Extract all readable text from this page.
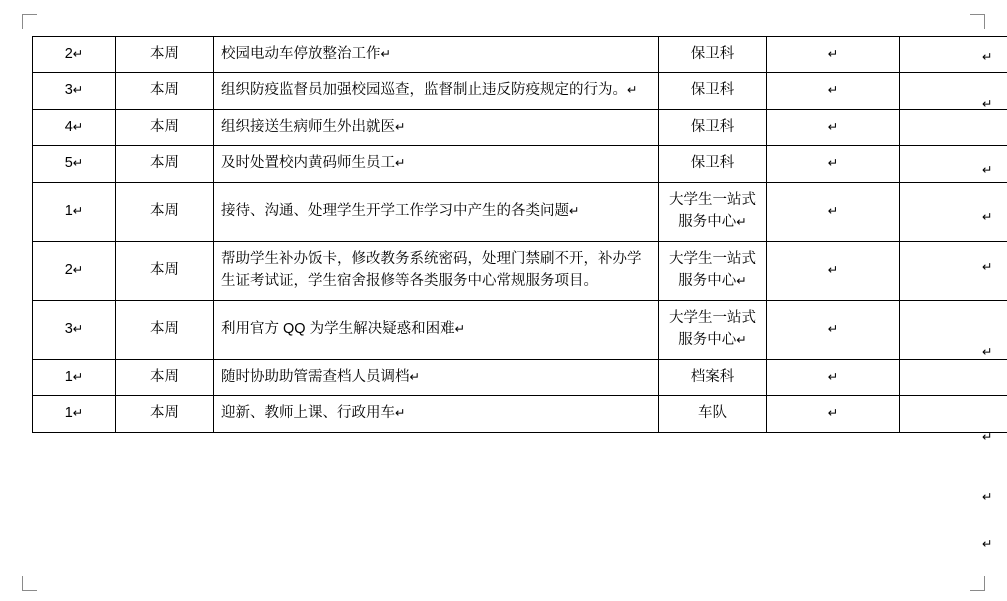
2↵	本周	校园电动车停放整治工作↵	保卫科	↵		
3↵	本周	组织防疫监督员加强校园巡查，监督制止违反防疫规定的行为。↵	保卫科	↵		
4↵	本周	组织接送生病师生外出就医↵	保卫科	↵		
5↵	本周	及时处置校内黄码师生员工↵	保卫科	↵		
1↵	本周	接待、沟通、处理学生开学工作学习中产生的各类问题↵	大学生一站式服务中心↵	↵		
2↵	本周	帮助学生补办饭卡，修改教务系统密码，处理门禁刷不开，补办学生证考试证，学生宿舍报修等各类服务中心常规服务项目。	大学生一站式服务中心↵	↵		
3↵	本周	利用官方 QQ 为学生解决疑惑和困难↵	大学生一站式服务中心↵	↵		
1↵	本周	随时协助助管需查档人员调档↵	档案科	↵		
1↵	本周	迎新、教师上课、行政用车↵	车队	↵		
↵
↵
↵
↵
↵
↵
↵
↵
↵
